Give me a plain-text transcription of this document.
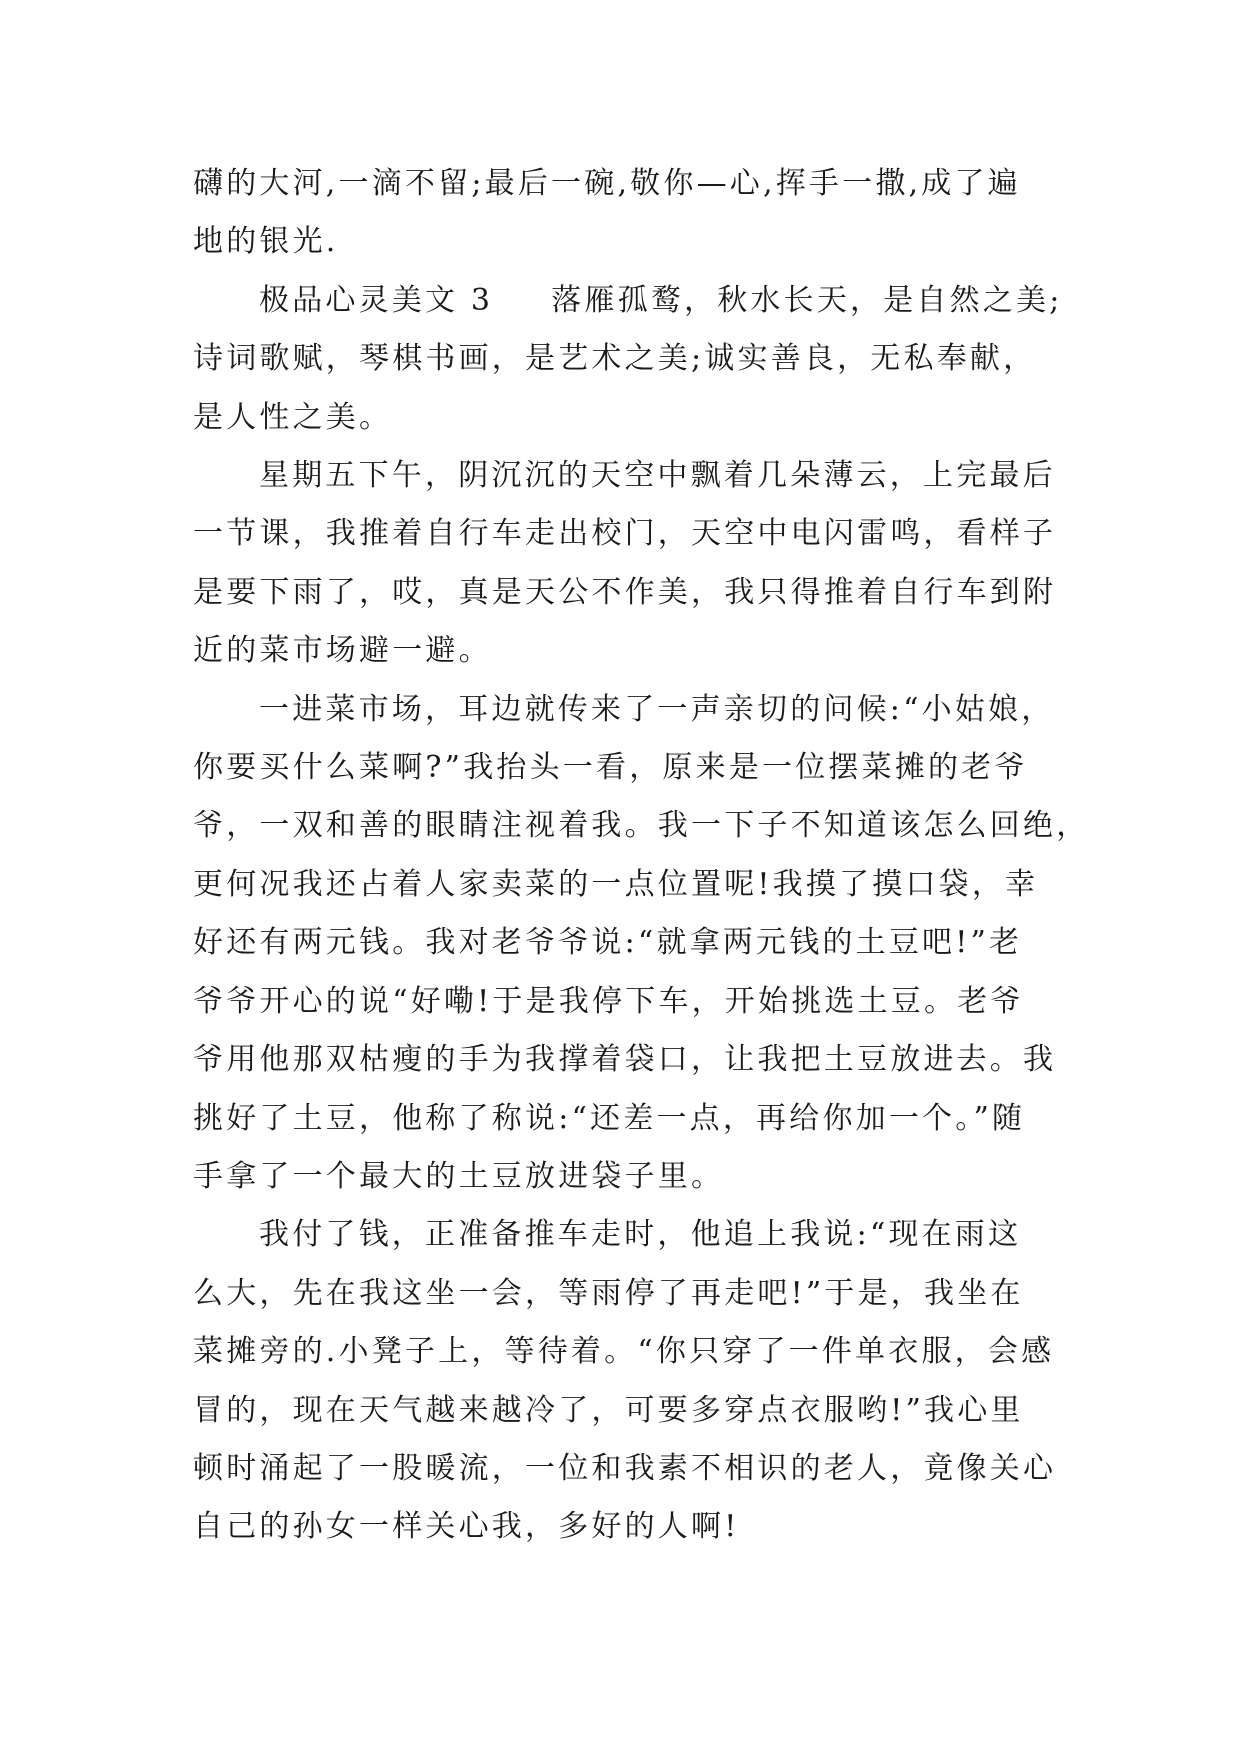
礴的大河,一滴不留;最后一碗,敬你—心,挥手一撒,成了遍
地的银光.

极品心灵美文 3 落雁孤鹜，秋水长天，是自然之美;
诗词歌赋，琴棋书画，是艺术之美;诚实善良，无私奉献，
是人性之美。

星期五下午，阴沉沉的天空中飘着几朵薄云，上完最后
一节课，我推着自行车走出校门，天空中电闪雷鸣，看样子
是要下雨了，哎，真是天公不作美，我只得推着自行车到附
近的菜市场避一避。

一进菜市场，耳边就传来了一声亲切的问候:“小姑娘，
你要买什么菜啊?”我抬头一看，原来是一位摆菜摊的老爷
爷，一双和善的眼睛注视着我。我一下子不知道该怎么回绝，
更何况我还占着人家卖菜的一点位置呢!我摸了摸口袋，幸
好还有两元钱。我对老爷爷说:“就拿两元钱的土豆吧!”老
爷爷开心的说“好嘞!于是我停下车，开始挑选土豆。老爷
爷用他那双枯瘦的手为我撑着袋口，让我把土豆放进去。我
挑好了土豆，他称了称说:“还差一点，再给你加一个。”随
手拿了一个最大的土豆放进袋子里。

我付了钱，正准备推车走时，他追上我说:“现在雨这
么大，先在我这坐一会，等雨停了再走吧!”于是，我坐在
菜摊旁的.小凳子上，等待着。“你只穿了一件单衣服，会感
冒的，现在天气越来越冷了，可要多穿点衣服哟!”我心里
顿时涌起了一股暖流，一位和我素不相识的老人，竟像关心
自己的孙女一样关心我，多好的人啊!
